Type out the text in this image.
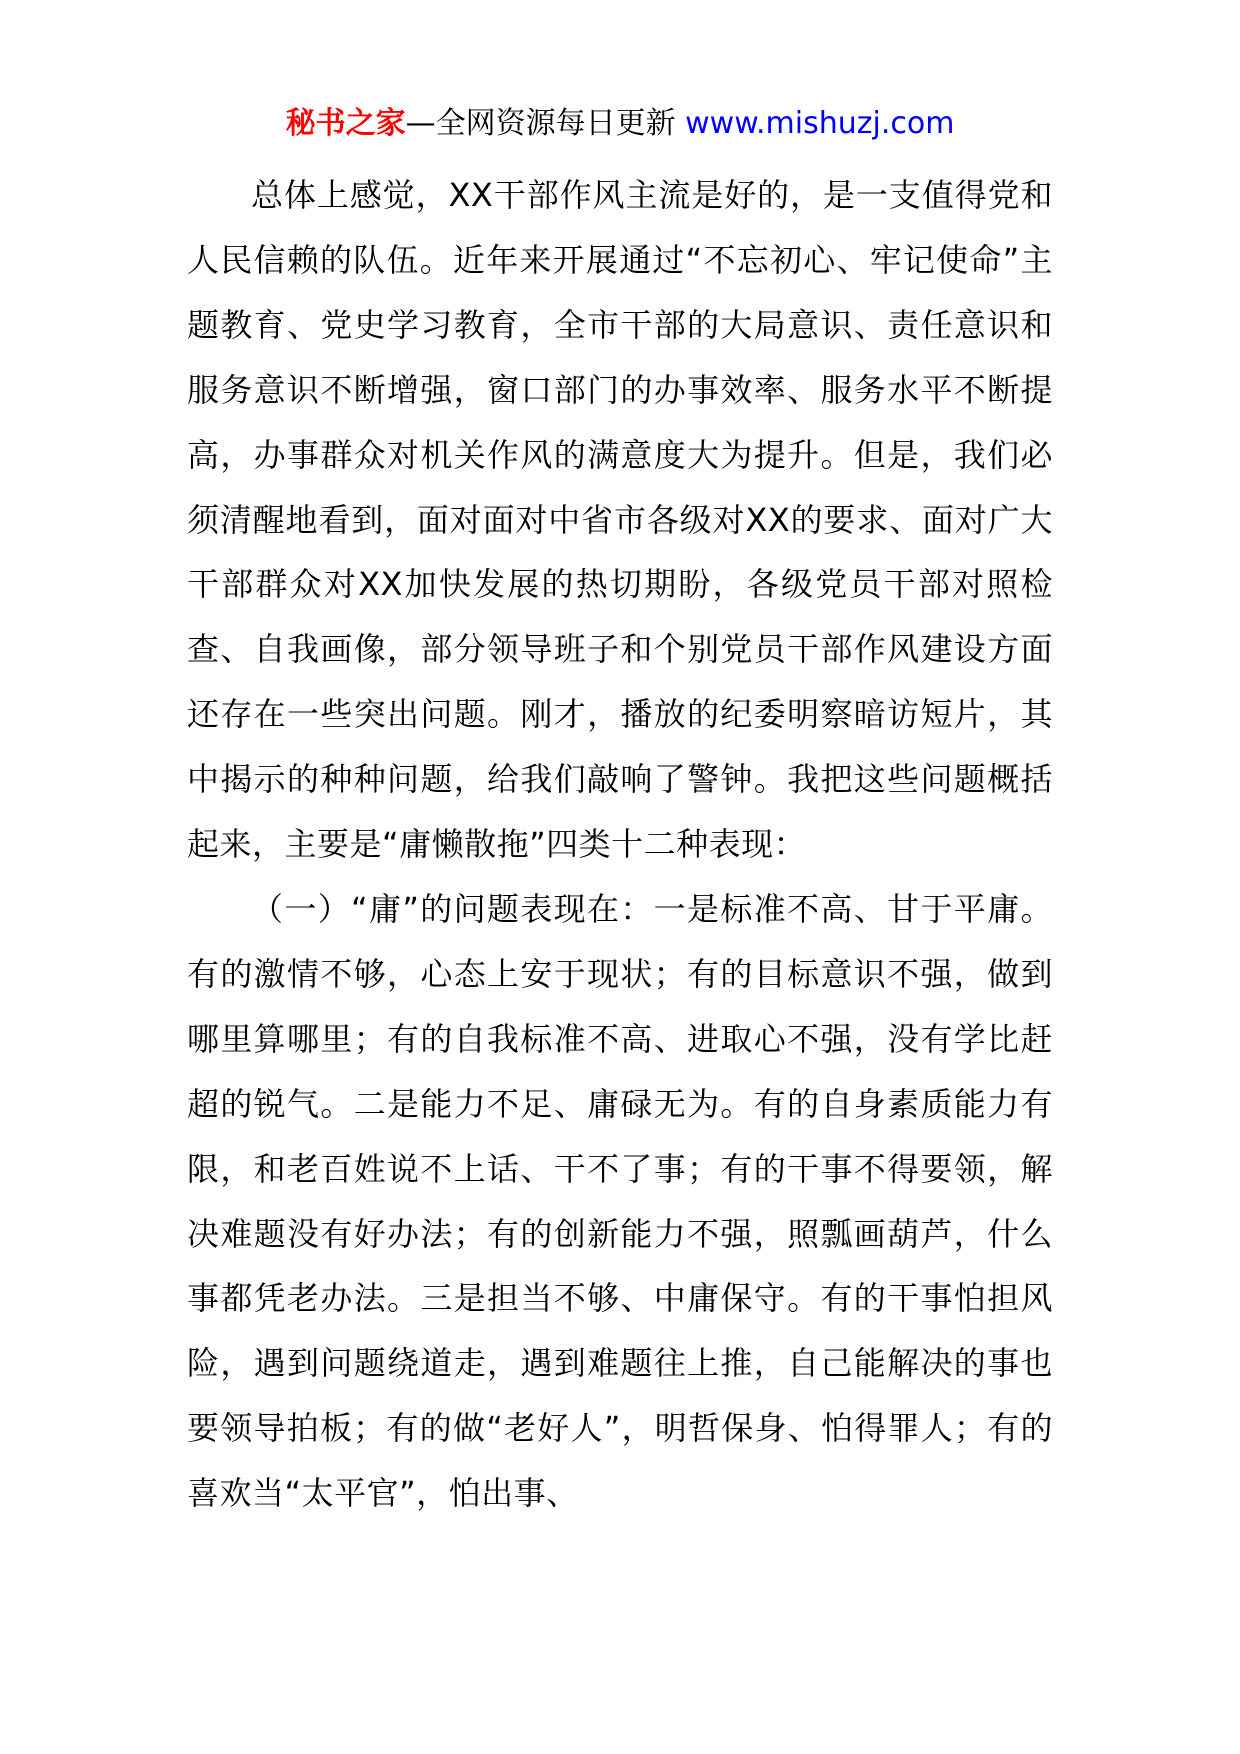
秘书之家—全网资源每日更新 www.mishuzj.com

总体上感觉，XX干部作风主流是好的，是一支值得党和人民信赖的队伍。近年来开展通过“不忘初心、牢记使命”主题教育、党史学习教育，全市干部的大局意识、责任意识和服务意识不断增强，窗口部门的办事效率、服务水平不断提高，办事群众对机关作风的满意度大为提升。但是，我们必须清醒地看到，面对面对中省市各级对XX的要求、面对广大干部群众对XX加快发展的热切期盼，各级党员干部对照检查、自我画像，部分领导班子和个别党员干部作风建设方面还存在一些突出问题。刚才，播放的纪委明察暗访短片，其中揭示的种种问题，给我们敲响了警钟。我把这些问题概括起来，主要是“庸懒散拖”四类十二种表现：

（一）“庸”的问题表现在：一是标准不高、甘于平庸。有的激情不够，心态上安于现状；有的目标意识不强，做到哪里算哪里；有的自我标准不高、进取心不强，没有学比赶超的锐气。二是能力不足、庸碌无为。有的自身素质能力有限，和老百姓说不上话、干不了事；有的干事不得要领，解决难题没有好办法；有的创新能力不强，照瓢画葫芦，什么事都凭老办法。三是担当不够、中庸保守。有的干事怕担风险，遇到问题绕道走，遇到难题往上推，自己能解决的事也要领导拍板；有的做“老好人”，明哲保身、怕得罪人；有的喜欢当“太平官”，怕出事、
